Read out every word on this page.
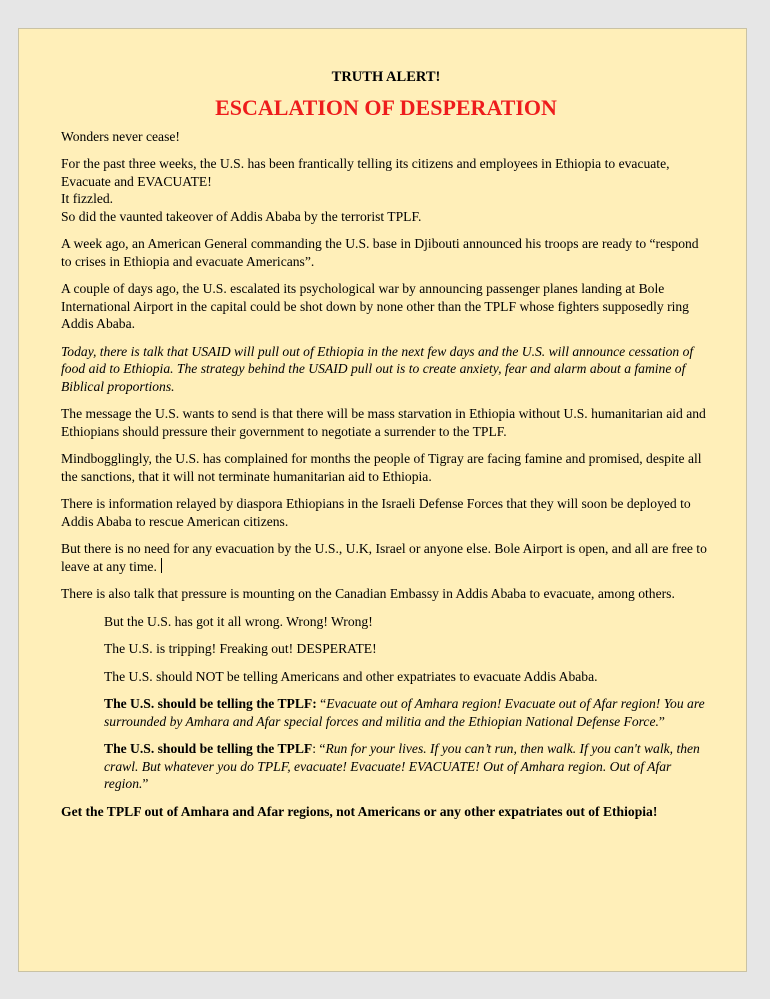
TRUTH ALERT!
ESCALATION OF DESPERATION

Wonders never cease!

For the past three weeks, the U.S. has been frantically telling its citizens and employees in Ethiopia to evacuate, Evacuate and EVACUATE!

It fizzled.

So did the vaunted takeover of Addis Ababa by the terrorist TPLF.

A week ago, an American General commanding the U.S. base in Djibouti announced his troops are ready to “respond to crises in Ethiopia and evacuate Americans”.

A couple of days ago, the U.S. escalated its psychological war by announcing passenger planes landing at Bole International Airport in the capital could be shot down by none other than the TPLF whose fighters supposedly ring Addis Ababa.

Today, there is talk that USAID will pull out of Ethiopia in the next few days and the U.S. will announce cessation of food aid to Ethiopia. The strategy behind the USAID pull out is to create anxiety, fear and alarm about a famine of Biblical proportions.

The message the U.S. wants to send is that there will be mass starvation in Ethiopia without U.S. humanitarian aid and Ethiopians should pressure their government to negotiate a surrender to the TPLF.

Mindbogglingly, the U.S. has complained for months the people of Tigray are facing famine and promised, despite all the sanctions, that it will not terminate humanitarian aid to Ethiopia.

There is information relayed by diaspora Ethiopians in the Israeli Defense Forces that they will soon be deployed to Addis Ababa to rescue American citizens.

But there is no need for any evacuation by the U.S., U.K, Israel or anyone else. Bole Airport is open, and all are free to leave at any time.

There is also talk that pressure is mounting on the Canadian Embassy in Addis Ababa to evacuate, among others.

But the U.S. has got it all wrong. Wrong! Wrong!

The U.S. is tripping! Freaking out! DESPERATE!

The U.S. should NOT be telling Americans and other expatriates to evacuate Addis Ababa.

The U.S. should be telling the TPLF: “Evacuate out of Amhara region! Evacuate out of Afar region! You are surrounded by Amhara and Afar special forces and militia and the Ethiopian National Defense Force.”

The U.S. should be telling the TPLF: “Run for your lives. If you can’t run, then walk. If you can't walk, then crawl. But whatever you do TPLF, evacuate! Evacuate! EVACUATE! Out of Amhara region. Out of Afar region.”

Get the TPLF out of Amhara and Afar regions, not Americans or any other expatriates out of Ethiopia!
